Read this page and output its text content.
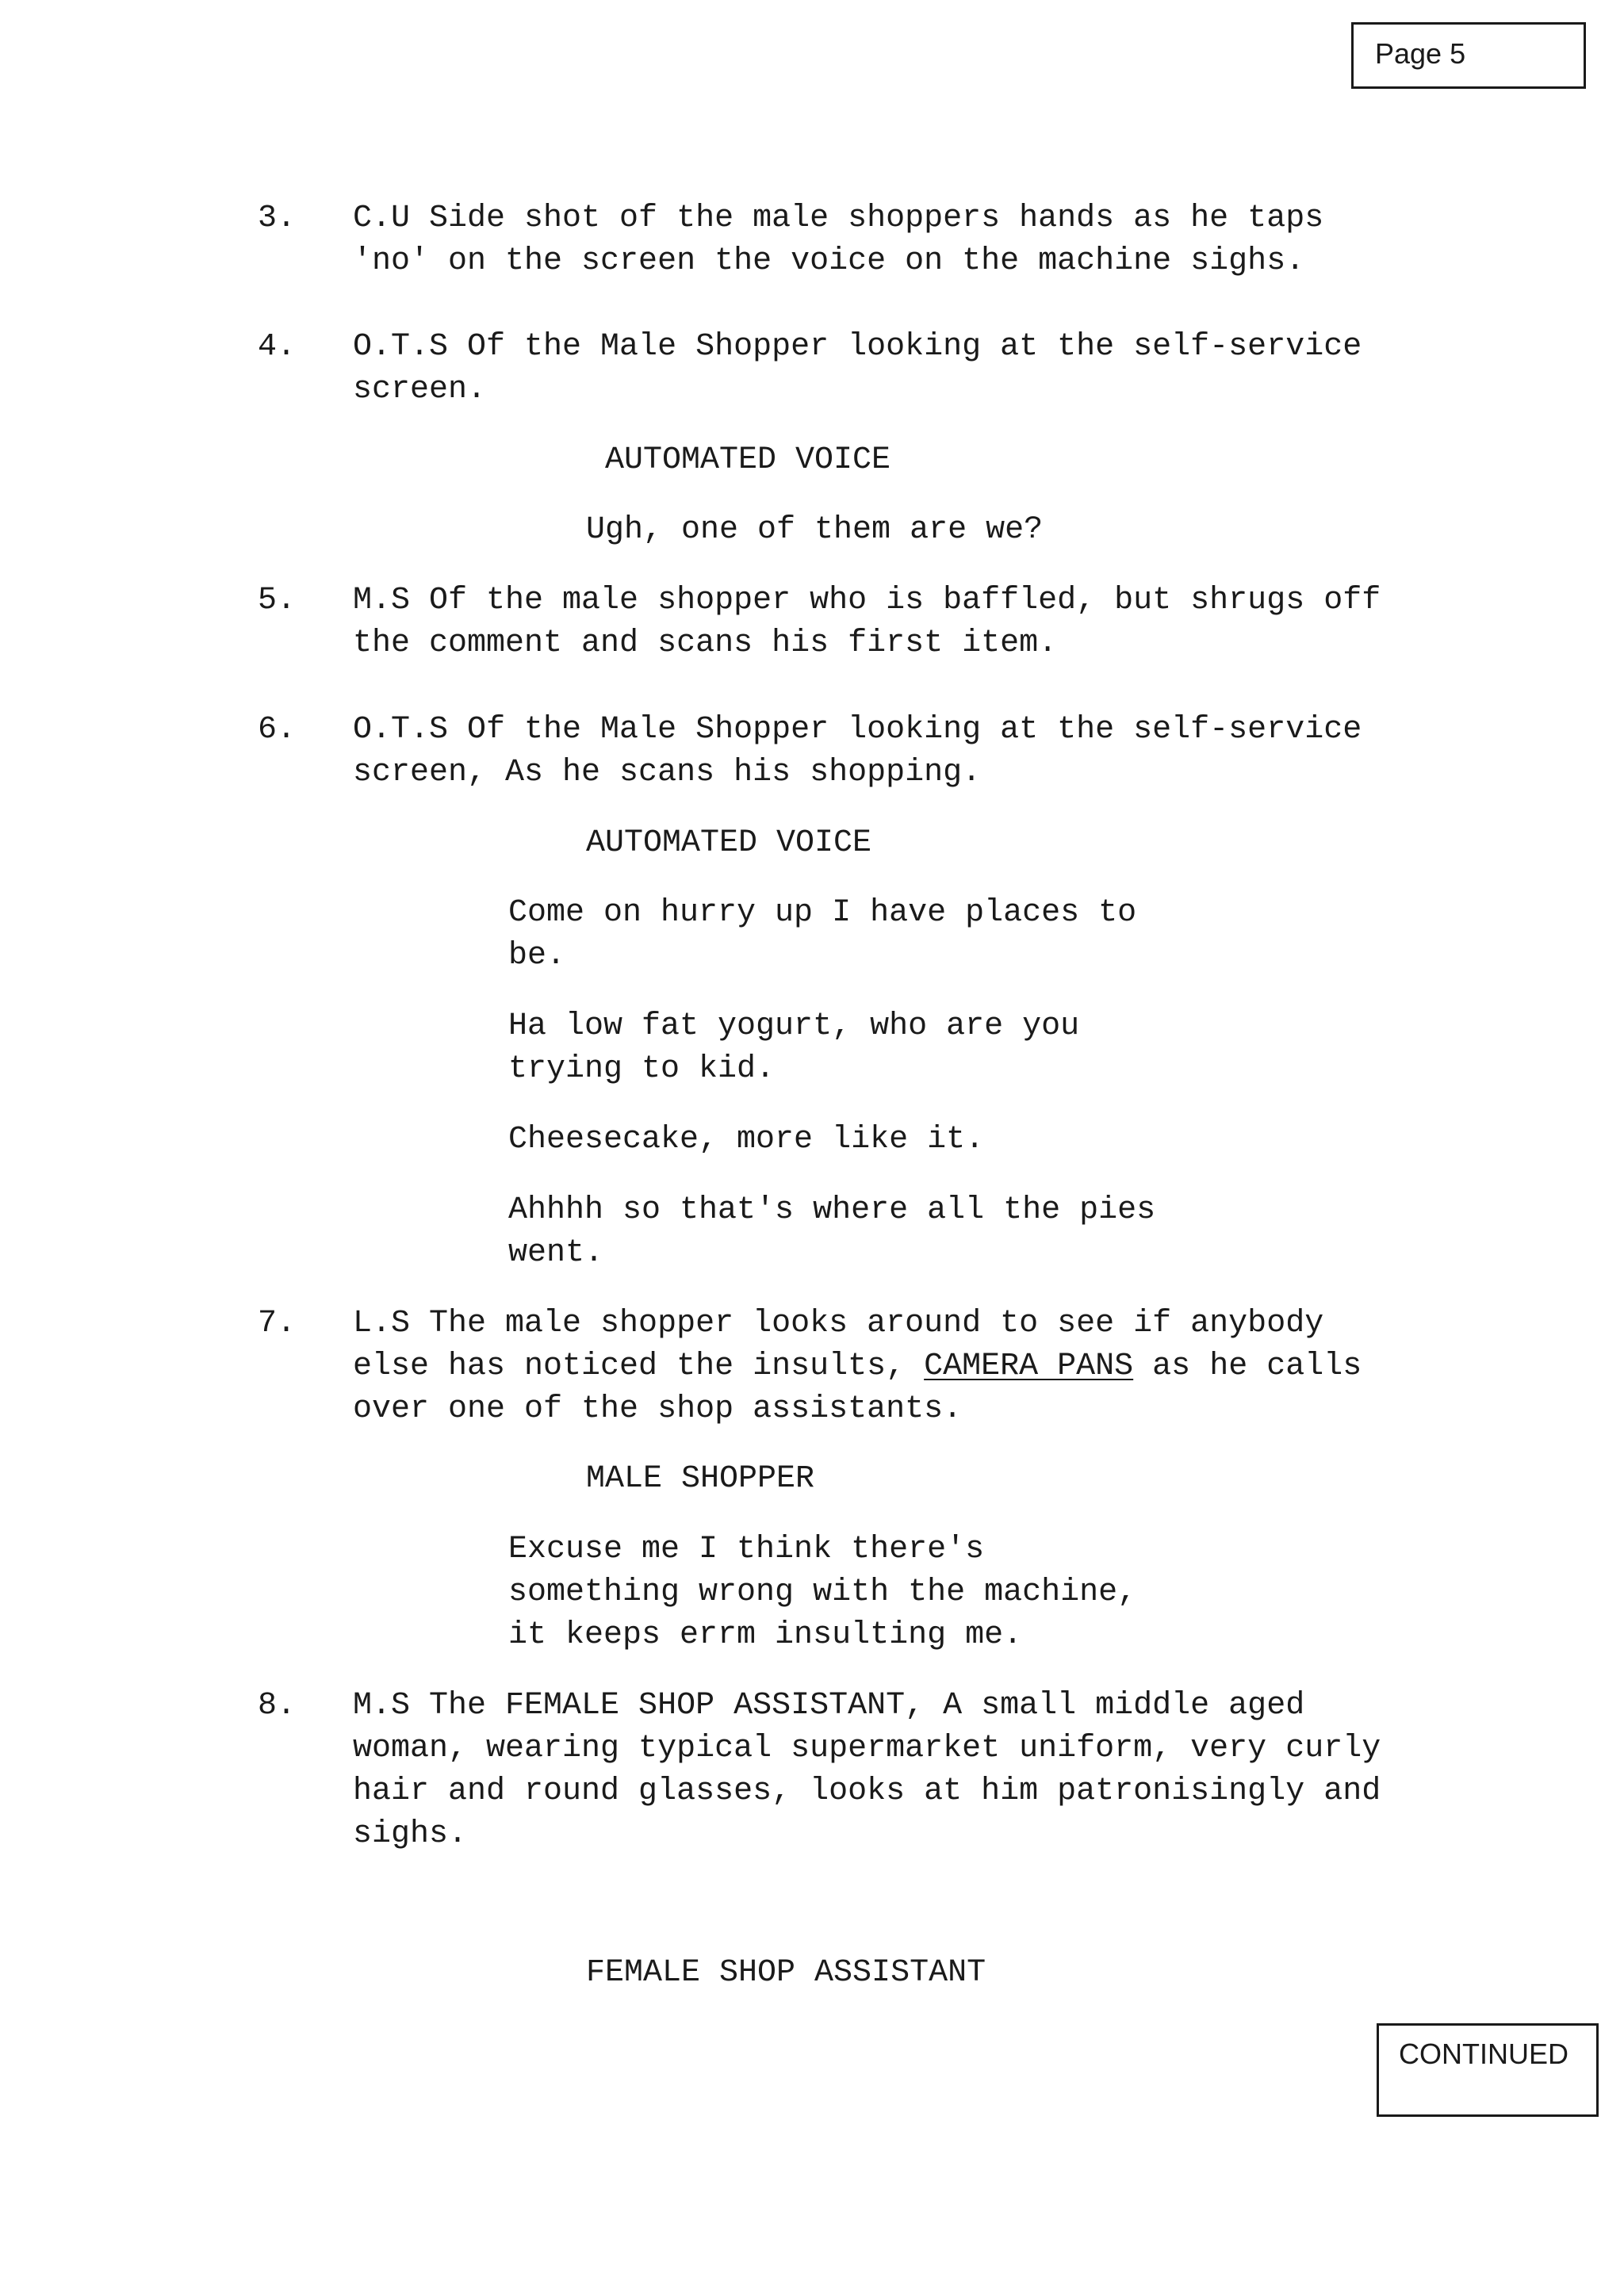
Page 5
3. C.U Side shot of the male shoppers hands as he taps
'no' on the screen the voice on the machine sighs.
4. O.T.S Of the Male Shopper looking at the self-service
screen.
AUTOMATED VOICE
Ugh, one of them are we?
5. M.S Of the male shopper who is baffled, but shrugs off
the comment and scans his first item.
6. O.T.S Of the Male Shopper looking at the self-service
screen, As he scans his shopping.
AUTOMATED VOICE
Come on hurry up I have places to
be.
Ha low fat yogurt, who are you
trying to kid.
Cheesecake, more like it.
Ahhhh so that's where all the pies
went.
7. L.S The male shopper looks around to see if anybody
else has noticed the insults, CAMERA PANS as he calls
over one of the shop assistants.
MALE SHOPPER
Excuse me I think there's
something wrong with the machine,
it keeps errm insulting me.
8. M.S The FEMALE SHOP ASSISTANT, A small middle aged
woman, wearing typical supermarket uniform, very curly
hair and round glasses, looks at him patronisingly and
sighs.
FEMALE SHOP ASSISTANT
CONTINUED
